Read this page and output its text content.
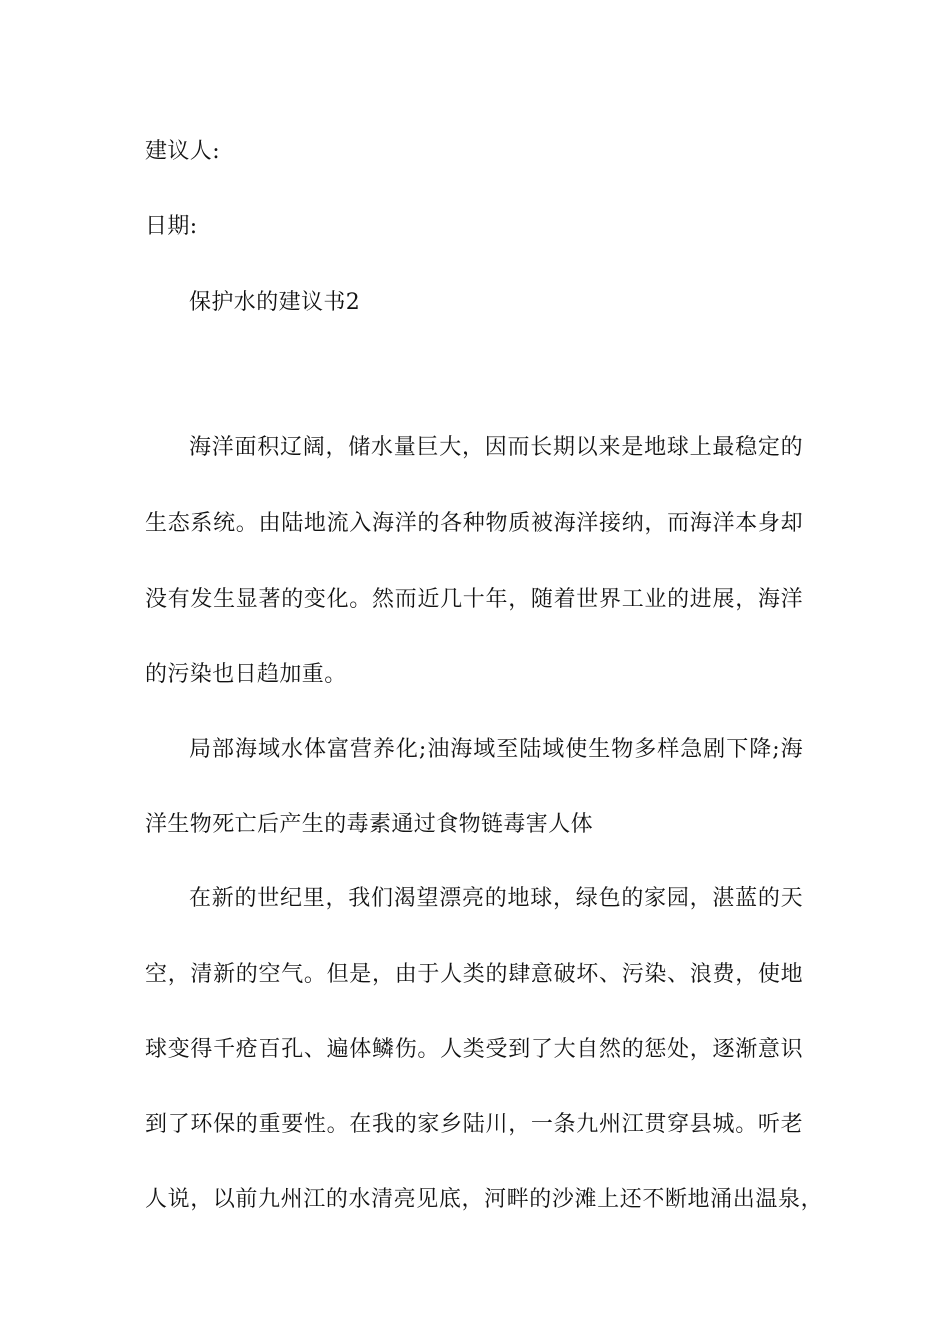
建议人:
日期:
保护水的建议书2
海洋面积辽阔，储水量巨大，因而长期以来是地球上最稳定的
生态系统。由陆地流入海洋的各种物质被海洋接纳，而海洋本身却
没有发生显著的变化。然而近几十年，随着世界工业的进展，海洋
的污染也日趋加重。
局部海域水体富营养化;油海域至陆域使生物多样急剧下降;海
洋生物死亡后产生的毒素通过食物链毒害人体
在新的世纪里，我们渴望漂亮的地球，绿色的家园，湛蓝的天
空，清新的空气。但是，由于人类的肆意破坏、污染、浪费，使地
球变得千疮百孔、遍体鳞伤。人类受到了大自然的惩处，逐渐意识
到了环保的重要性。在我的家乡陆川，一条九州江贯穿县城。听老
人说，以前九州江的水清亮见底，河畔的沙滩上还不断地涌出温泉，
